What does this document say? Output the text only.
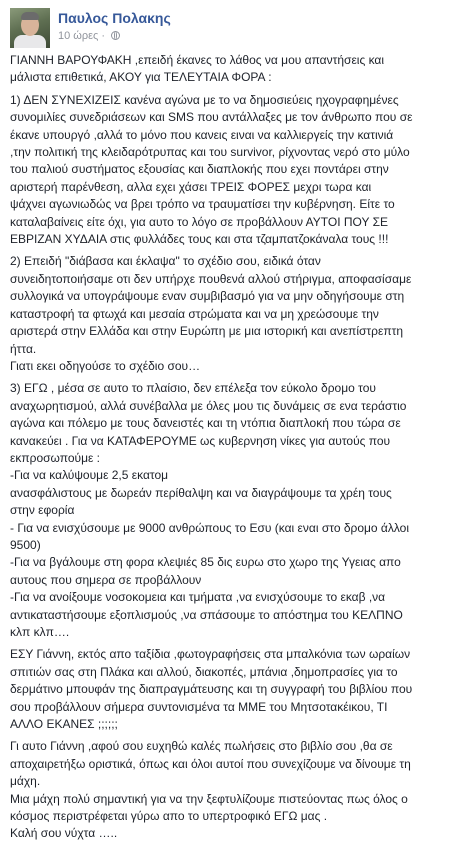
Παυλος Πολακης
10 ώρες ·

ΓΙΑΝΝΗ ΒΑΡΟΥΦΑΚΗ ,επειδή έκανες το λάθος να μου απαντήσεις και
μάλιστα επιθετικά, ΑΚΟΥ για ΤΕΛΕΥΤΑΙΑ ΦΟΡΑ :

1) ΔΕΝ ΣΥΝΕΧΙΖΕΙΣ κανένα αγώνα με το να δημοσιεύεις ηχογραφημένες
συνομιλίες συνεδριάσεων και SMS που αντάλλαξες με τον άνθρωπο που σε
έκανε υπουργό ,αλλά το μόνο που κανεις ειναι να καλλιεργείς την κατινιά
,την πολιτική της κλειδαρότρυπας και του survivor, ρίχνοντας νερό στο μύλο
του παλιού συστήματος εξουσίας και διαπλοκής που εχει ποντάρει στην
αριστερή παρένθεση, αλλα εχει χάσει ΤΡΕΙΣ ΦΟΡΕΣ μεχρι τωρα και
ψάχνει αγωνιωδώς να βρει τρόπο να τραυματίσει την κυβέρνηση. Είτε το
καταλαβαίνεις είτε όχι, για αυτο το λόγο σε προβάλλουν ΑΥΤΟΙ ΠΟΥ ΣΕ
ΕΒΡΙΖΑΝ ΧΥΔΑΙΑ στις φυλλάδες τους και στα τζαμπατζοκάναλα τους !!!

2) Επειδή "διάβασα και έκλαψα" το σχέδιο σου, ειδικά όταν
συνειδητοποιήσαμε οτι δεν υπήρχε πουθενά αλλού στήριγμα, αποφασίσαμε
συλλογικά να υπογράψουμε εναν συμβιβασμό για να μην οδηγήσουμε στη
καταστροφή τα φτωχά και μεσαία στρώματα και να μη χρεώσουμε την
αριστερά στην Ελλάδα και στην Ευρώπη με μια ιστορική και ανεπίστρεπτη
ήττα.
Γιατι εκει οδηγούσε το σχέδιο σου…

3) ΕΓΩ , μέσα σε αυτο το πλαίσιο, δεν επέλεξα τον εύκολο δρομο του
αναχωρητισμού, αλλά συνέβαλλα με όλες μου τις δυνάμεις σε ενα τεράστιο
αγώνα και πόλεμο με τους δανειστές και τη ντόπια διαπλοκή που τώρα σε
κανακεύει . Για να ΚΑΤΑΦΕΡΟΥΜΕ ως κυβερνηση νίκες για αυτούς που
εκπροσωπούμε :
-Για να καλύψουμε 2,5 εκατομ
ανασφάλιστους με δωρεάν περίθαλψη και να διαγράψουμε τα χρέη τους
στην εφορία
- Για να ενισχύσουμε με 9000 ανθρώπους το Εσυ (και εναι στο δρομο άλλοι
9500)
-Για να βγάλουμε στη φορα κλεψιές 85 δις ευρω στο χωρο της Υγειας απο
αυτους που σημερα σε προβάλλουν
-Για να ανοίξουμε νοσοκομεια και τμήματα ,να ενισχύσουμε το εκαβ ,να
αντικαταστήσουμε εξοπλισμούς ,να σπάσουμε το απόστημα του ΚΕΛΠΝΟ
κλπ κλπ….

ΕΣΥ Γιάννη, εκτός απο ταξίδια ,φωτογραφήσεις στα μπαλκόνια των ωραίων
σπιτιών σας στη Πλάκα και αλλού, διακοπές, μπάνια ,δημοπρασίες για το
δερμάτινο μπουφάν της διαπραγμάτευσης και τη συγγραφή του βιβλίου που
σου προβάλλουν σήμερα συντονισμένα τα ΜΜΕ του Μητσοτακέικου, ΤΙ
ΑΛΛΟ ΕΚΑΝΕΣ ;;;;;;

Γι αυτο Γιάννη ,αφού σου ευχηθώ καλές πωλήσεις στο βιβλίο σου ,θα σε
αποχαιρετήξω οριστικά, όπως και όλοι αυτοί που συνεχίζουμε να δίνουμε τη
μάχη.
Μια μάχη πολύ σημαντική για να την ξεφτυλίζουμε πιστεύοντας πως όλος ο
κόσμος περιστρέφεται γύρω απο το υπερτροφικό ΕΓΩ μας .
Καλή σου νύχτα …..
